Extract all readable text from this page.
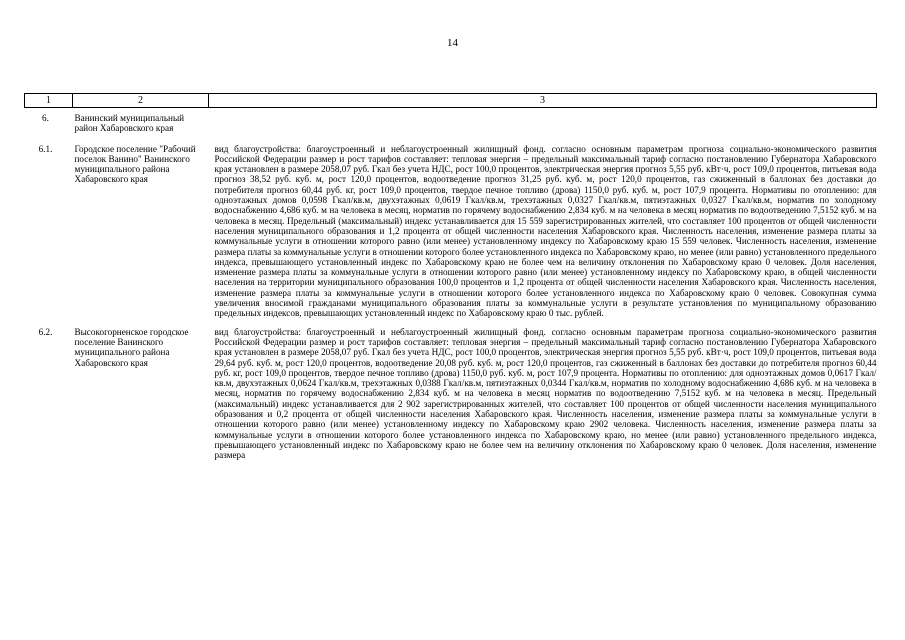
14
1	2	3
6.	Ванинский муниципальный район Хабаровского края	
6.1.	Городское поселение "Рабочий поселок Ванино" Ванинского муниципального района Хабаровского края	вид благоустройства: благоустроенный и неблагоустроенный жилищный фонд. согласно основным параметрам прогноза социально-экономического развития Российской Федерации размер и рост тарифов составляет: тепловая энергия – предельный максимальный тариф согласно постановлению Губернатора Хабаровского края установлен в размере 2058,07 руб. Гкал без учета НДС, рост 100,0 процентов, электрическая энергия прогноз 5,55 руб. кВт·ч, рост 109,0 процентов, питьевая вода прогноз 38,52 руб. куб. м, рост 120,0 процентов, водоотведение прогноз 31,25 руб. куб. м, рост 120,0 процентов, газ сжиженный в баллонах без доставки до потребителя прогноз 60,44 руб. кг, рост 109,0 процентов, твердое печное топливо (дрова) 1150,0 руб. куб. м, рост 107,9 процента. Нормативы по отоплению: для одноэтажных домов 0,0598 Гкал/кв.м, двухэтажных 0,0619 Гкал/кв.м, трехэтажных 0,0327 Гкал/кв.м, пятиэтажных 0,0327 Гкал/кв.м, норматив по холодному водоснабжению 4,686 куб. м на человека в месяц, норматив по горячему водоснабжению 2,834 куб. м на человека в месяц норматив по водоотведению 7,5152 куб. м на человека в месяц. Предельный (максимальный) индекс устанавливается для 15 559 зарегистрированных жителей, что составляет 100 процентов от общей численности населения муниципального образования и 1,2 процента от общей численности населения Хабаровского края. Численность населения, изменение размера платы за коммунальные услуги в отношении которого равно (или менее) установленному индексу по Хабаровскому краю 15 559 человек. Численность населения, изменение размера платы за коммунальные услуги в отношении которого более установленного индекса по Хабаровскому краю, но менее (или равно) установленного предельного индекса, превышающего установленный индекс по Хабаровскому краю не более чем на величину отклонения по Хабаровскому краю 0 человек. Доля населения, изменение размера платы за коммунальные услуги в отношении которого равно (или менее) установленному индексу по Хабаровскому краю, в общей численности населения на территории муниципального образования 100,0 процентов и 1,2 процента от общей численности населения Хабаровского края. Численность населения, изменение размера платы за коммунальные услуги в отношении которого более установленного индекса по Хабаровскому краю 0 человек. Совокупная сумма увеличения вносимой гражданами муниципального образования платы за коммунальные услуги в результате установления по муниципальному образованию предельных индексов, превышающих установленный индекс по Хабаровскому краю 0 тыс. рублей.
6.2.	Высокогорненское городское поселение Ванинского муниципального района Хабаровского края	вид благоустройства: благоустроенный и неблагоустроенный жилищный фонд. согласно основным параметрам прогноза социально-экономического развития Российской Федерации размер и рост тарифов составляет: тепловая энергия – предельный максимальный тариф согласно постановлению Губернатора Хабаровского края установлен в размере 2058,07 руб. Гкал без учета НДС, рост 100,0 процентов, электрическая энергия прогноз 5,55 руб. кВт·ч, рост 109,0 процентов, питьевая вода 29,64 руб. куб. м, рост 120,0 процентов, водоотведение 20,08 руб. куб. м, рост 120,0 процентов, газ сжиженный в баллонах без доставки до потребителя прогноз 60,44 руб. кг, рост 109,0 процентов, твердое печное топливо (дрова) 1150,0 руб. куб. м, рост 107,9 процента. Нормативы по отоплению: для одноэтажных домов 0,0617 Гкал/кв.м, двухэтажных 0,0624 Гкал/кв.м, трехэтажных 0,0388 Гкал/кв.м, пятиэтажных 0,0344 Гкал/кв.м, норматив по холодному водоснабжению 4,686 куб. м на человека в месяц, норматив по горячему водоснабжению 2,834 куб. м на человека в месяц норматив по водоотведению 7,5152 куб. м на человека в месяц. Предельный (максимальный) индекс устанавливается для 2 902 зарегистрированных жителей, что составляет 100 процентов от общей численности населения муниципального образования и 0,2 процента от общей численности населения Хабаровского края. Численность населения, изменение размера платы за коммунальные услуги в отношении которого равно (или менее) установленному индексу по Хабаровскому краю 2902 человека. Численность населения, изменение размера платы за коммунальные услуги в отношении которого более установленного индекса по Хабаровскому краю, но менее (или равно) установленного предельного индекса, превышающего установленный индекс по Хабаровскому краю не более чем на величину отклонения по Хабаровскому краю 0 человек. Доля населения, изменение размера
